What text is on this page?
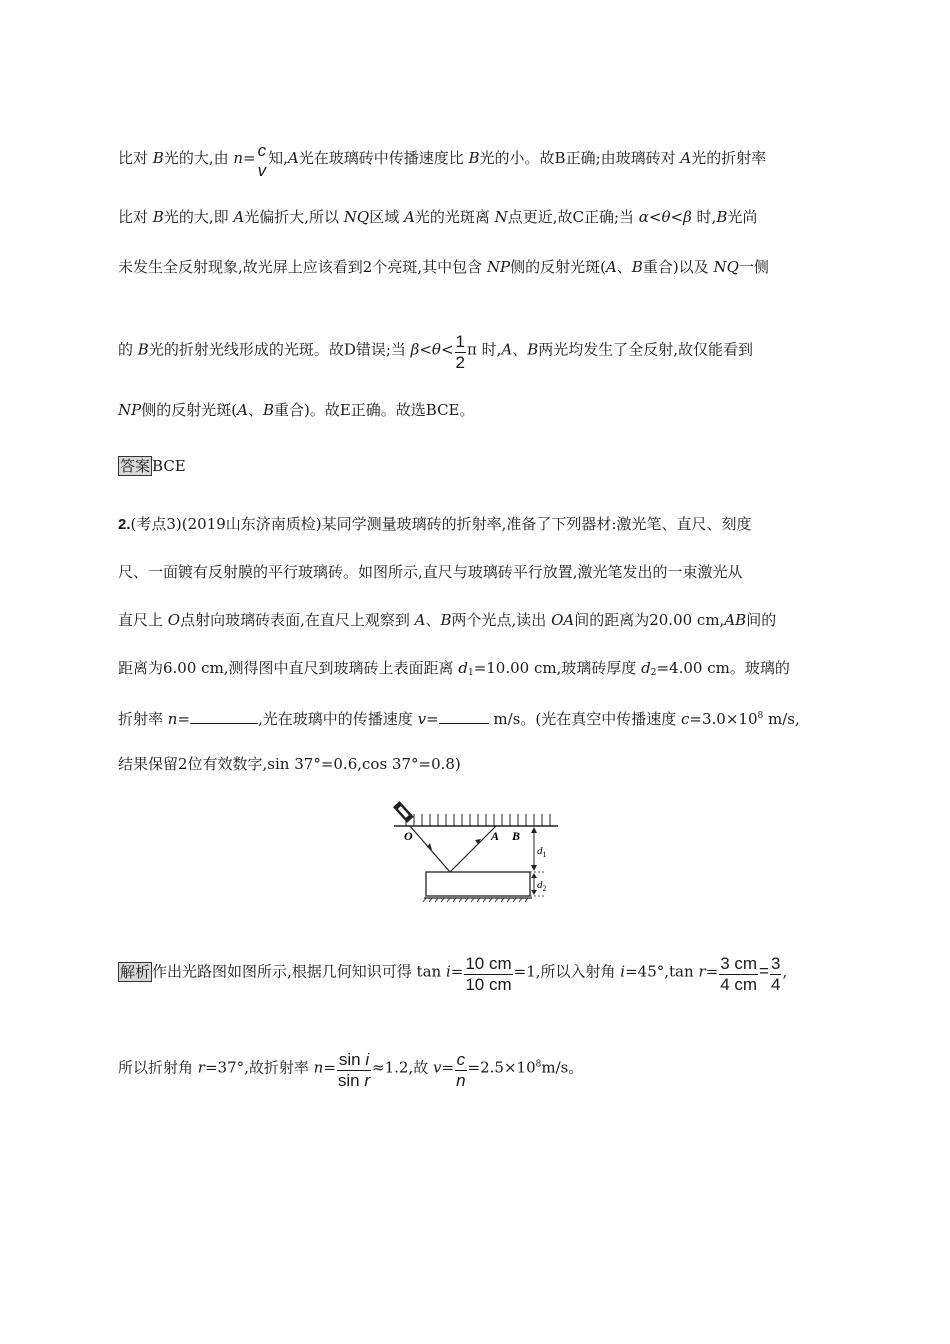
比对 B光的大,由 n= c
v
知,A光在玻璃砖中传播速度比 B光的小。故B正确;由玻璃砖对 A光的折射率
比对 B光的大,即 A光偏折大,所以 NQ区域 A光的光斑离 N点更近,故C正确;当 α<θ<β 时,B光尚
未发生全反射现象,故光屏上应该看到2个亮斑,其中包含 NP侧的反射光斑(A、B重合)以及 NQ一侧
的 B光的折射光线形成的光斑。故D错误;当 $\beta<\theta< \frac{1}{2}$ π 时,A、B两光均发生了全反射,故仅能看到
NP侧的反射光斑(A、B重合)。故E正确。故选BCE。
答案 BCE
2.(考点3)(2019山东济南质检)某同学测量玻璃砖的折射率,准备了下列器材:激光笔、直尺、刻度
尺、一面镀有反射膜的平行玻璃砖。如图所示,直尺与玻璃砖平行放置,激光笔发出的一束激光从
直尺上 O点射向玻璃砖表面,在直尺上观察到 A、B两个光点,读出 OA间的距离为20.00 cm,AB间的
距离为6.00 cm,测得图中直尺到玻璃砖上表面距离 $d_1=10.00$ cm,玻璃砖厚度 $d_2=4.00$ cm。玻璃的
折射率 n=	,光在玻璃中的传播速度 v=	m/s。(光在真空中传播速度 $c=3.0\times 10^8$ m/s,
结果保留2位有效数字,sin 37°=0.6,cos 37°=0.8)
O	A B
$d_1$
$d_2$
解析 作出光路图如图所示,根据几何知识可得 $\tan i= \frac{10 cm}{10 cm} =1$,所以入射角 i=45°,tan $r= \frac{3 cm}{4 cm} = \frac{3}{4}$ ,
所以折射角 r=37°,故折射率 $n= \frac{\text{sin i}}{\text{sin r}} \approx 1.2$,故 $v= \frac{c}{n} =2.5\times 10^8m/s$。
